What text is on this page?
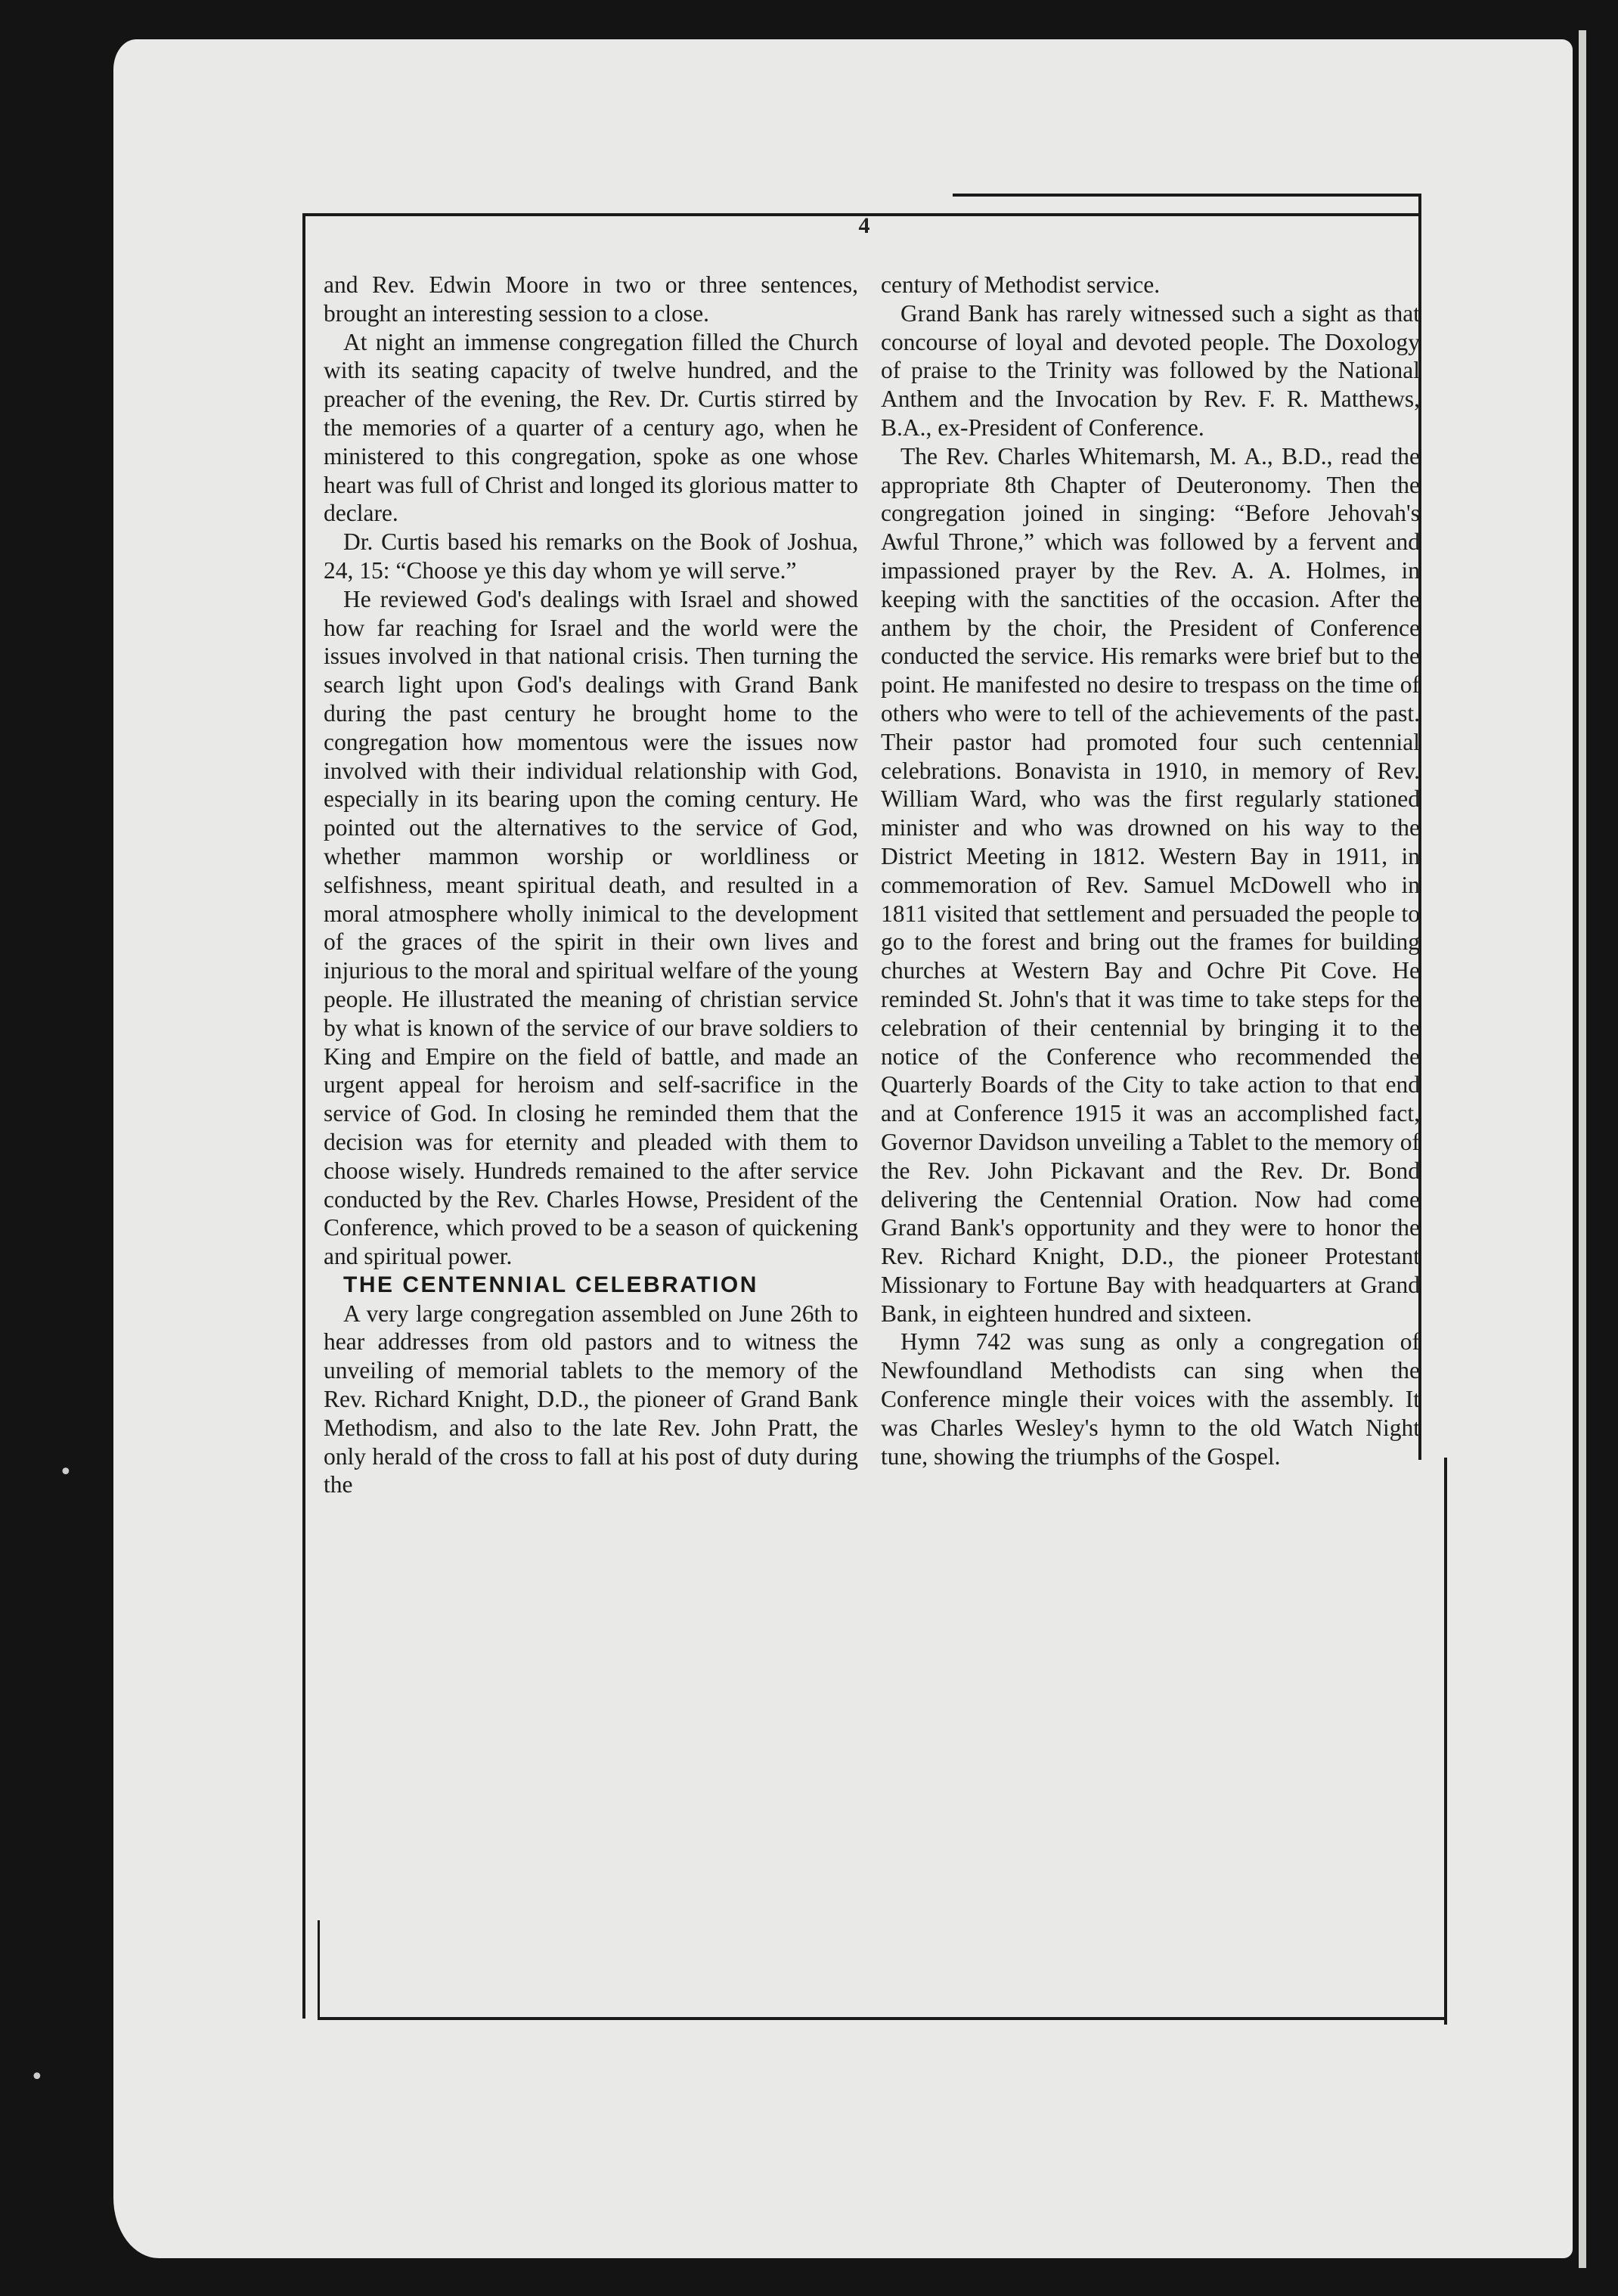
4

and Rev. Edwin Moore in two or three sentences, brought an interesting session to a close.

At night an immense congregation filled the Church with its seating capacity of twelve hundred, and the preacher of the evening, the Rev. Dr. Curtis stirred by the memories of a quarter of a century ago, when he ministered to this congregation, spoke as one whose heart was full of Christ and longed its glorious matter to declare.

Dr. Curtis based his remarks on the Book of Joshua, 24, 15: “Choose ye this day whom ye will serve.”

He reviewed God's dealings with Israel and showed how far reaching for Israel and the world were the issues involved in that national crisis. Then turning the search light upon God's dealings with Grand Bank during the past century he brought home to the congregation how momentous were the issues now involved with their individual relationship with God, especially in its bearing upon the coming century. He pointed out the alternatives to the service of God, whether mammon worship or worldliness or selfishness, meant spiritual death, and resulted in a moral atmosphere wholly inimical to the development of the graces of the spirit in their own lives and injurious to the moral and spiritual welfare of the young people. He illustrated the meaning of christian service by what is known of the service of our brave soldiers to King and Empire on the field of battle, and made an urgent appeal for heroism and self-sacrifice in the service of God. In closing he reminded them that the decision was for eternity and pleaded with them to choose wisely. Hundreds remained to the after service conducted by the Rev. Charles Howse, President of the Conference, which proved to be a season of quickening and spiritual power.

THE CENTENNIAL CELEBRATION

A very large congregation assembled on June 26th to hear addresses from old pastors and to witness the unveiling of memorial tablets to the memory of the Rev. Richard Knight, D.D., the pioneer of Grand Bank Methodism, and also to the late Rev. John Pratt, the only herald of the cross to fall at his post of duty during the

century of Methodist service.

Grand Bank has rarely witnessed such a sight as that concourse of loyal and devoted people. The Doxology of praise to the Trinity was followed by the National Anthem and the Invocation by Rev. F. R. Matthews, B.A., ex-President of Conference.

The Rev. Charles Whitemarsh, M. A., B.D., read the appropriate 8th Chapter of Deuteronomy. Then the congregation joined in singing: “Before Jehovah's Awful Throne,” which was followed by a fervent and impassioned prayer by the Rev. A. A. Holmes, in keeping with the sanctities of the occasion. After the anthem by the choir, the President of Conference conducted the service. His remarks were brief but to the point. He manifested no desire to trespass on the time of others who were to tell of the achievements of the past. Their pastor had promoted four such centennial celebrations. Bonavista in 1910, in memory of Rev. William Ward, who was the first regularly stationed minister and who was drowned on his way to the District Meeting in 1812. Western Bay in 1911, in commemoration of Rev. Samuel McDowell who in 1811 visited that settlement and persuaded the people to go to the forest and bring out the frames for building churches at Western Bay and Ochre Pit Cove. He reminded St. John's that it was time to take steps for the celebration of their centennial by bringing it to the notice of the Conference who recommended the Quarterly Boards of the City to take action to that end and at Conference 1915 it was an accomplished fact, Governor Davidson unveiling a Tablet to the memory of the Rev. John Pickavant and the Rev. Dr. Bond delivering the Centennial Oration. Now had come Grand Bank's opportunity and they were to honor the Rev. Richard Knight, D.D., the pioneer Protestant Missionary to Fortune Bay with headquarters at Grand Bank, in eighteen hundred and sixteen.

Hymn 742 was sung as only a congregation of Newfoundland Methodists can sing when the Conference mingle their voices with the assembly. It was Charles Wesley's hymn to the old Watch Night tune, showing the triumphs of the Gospel.

•
•
